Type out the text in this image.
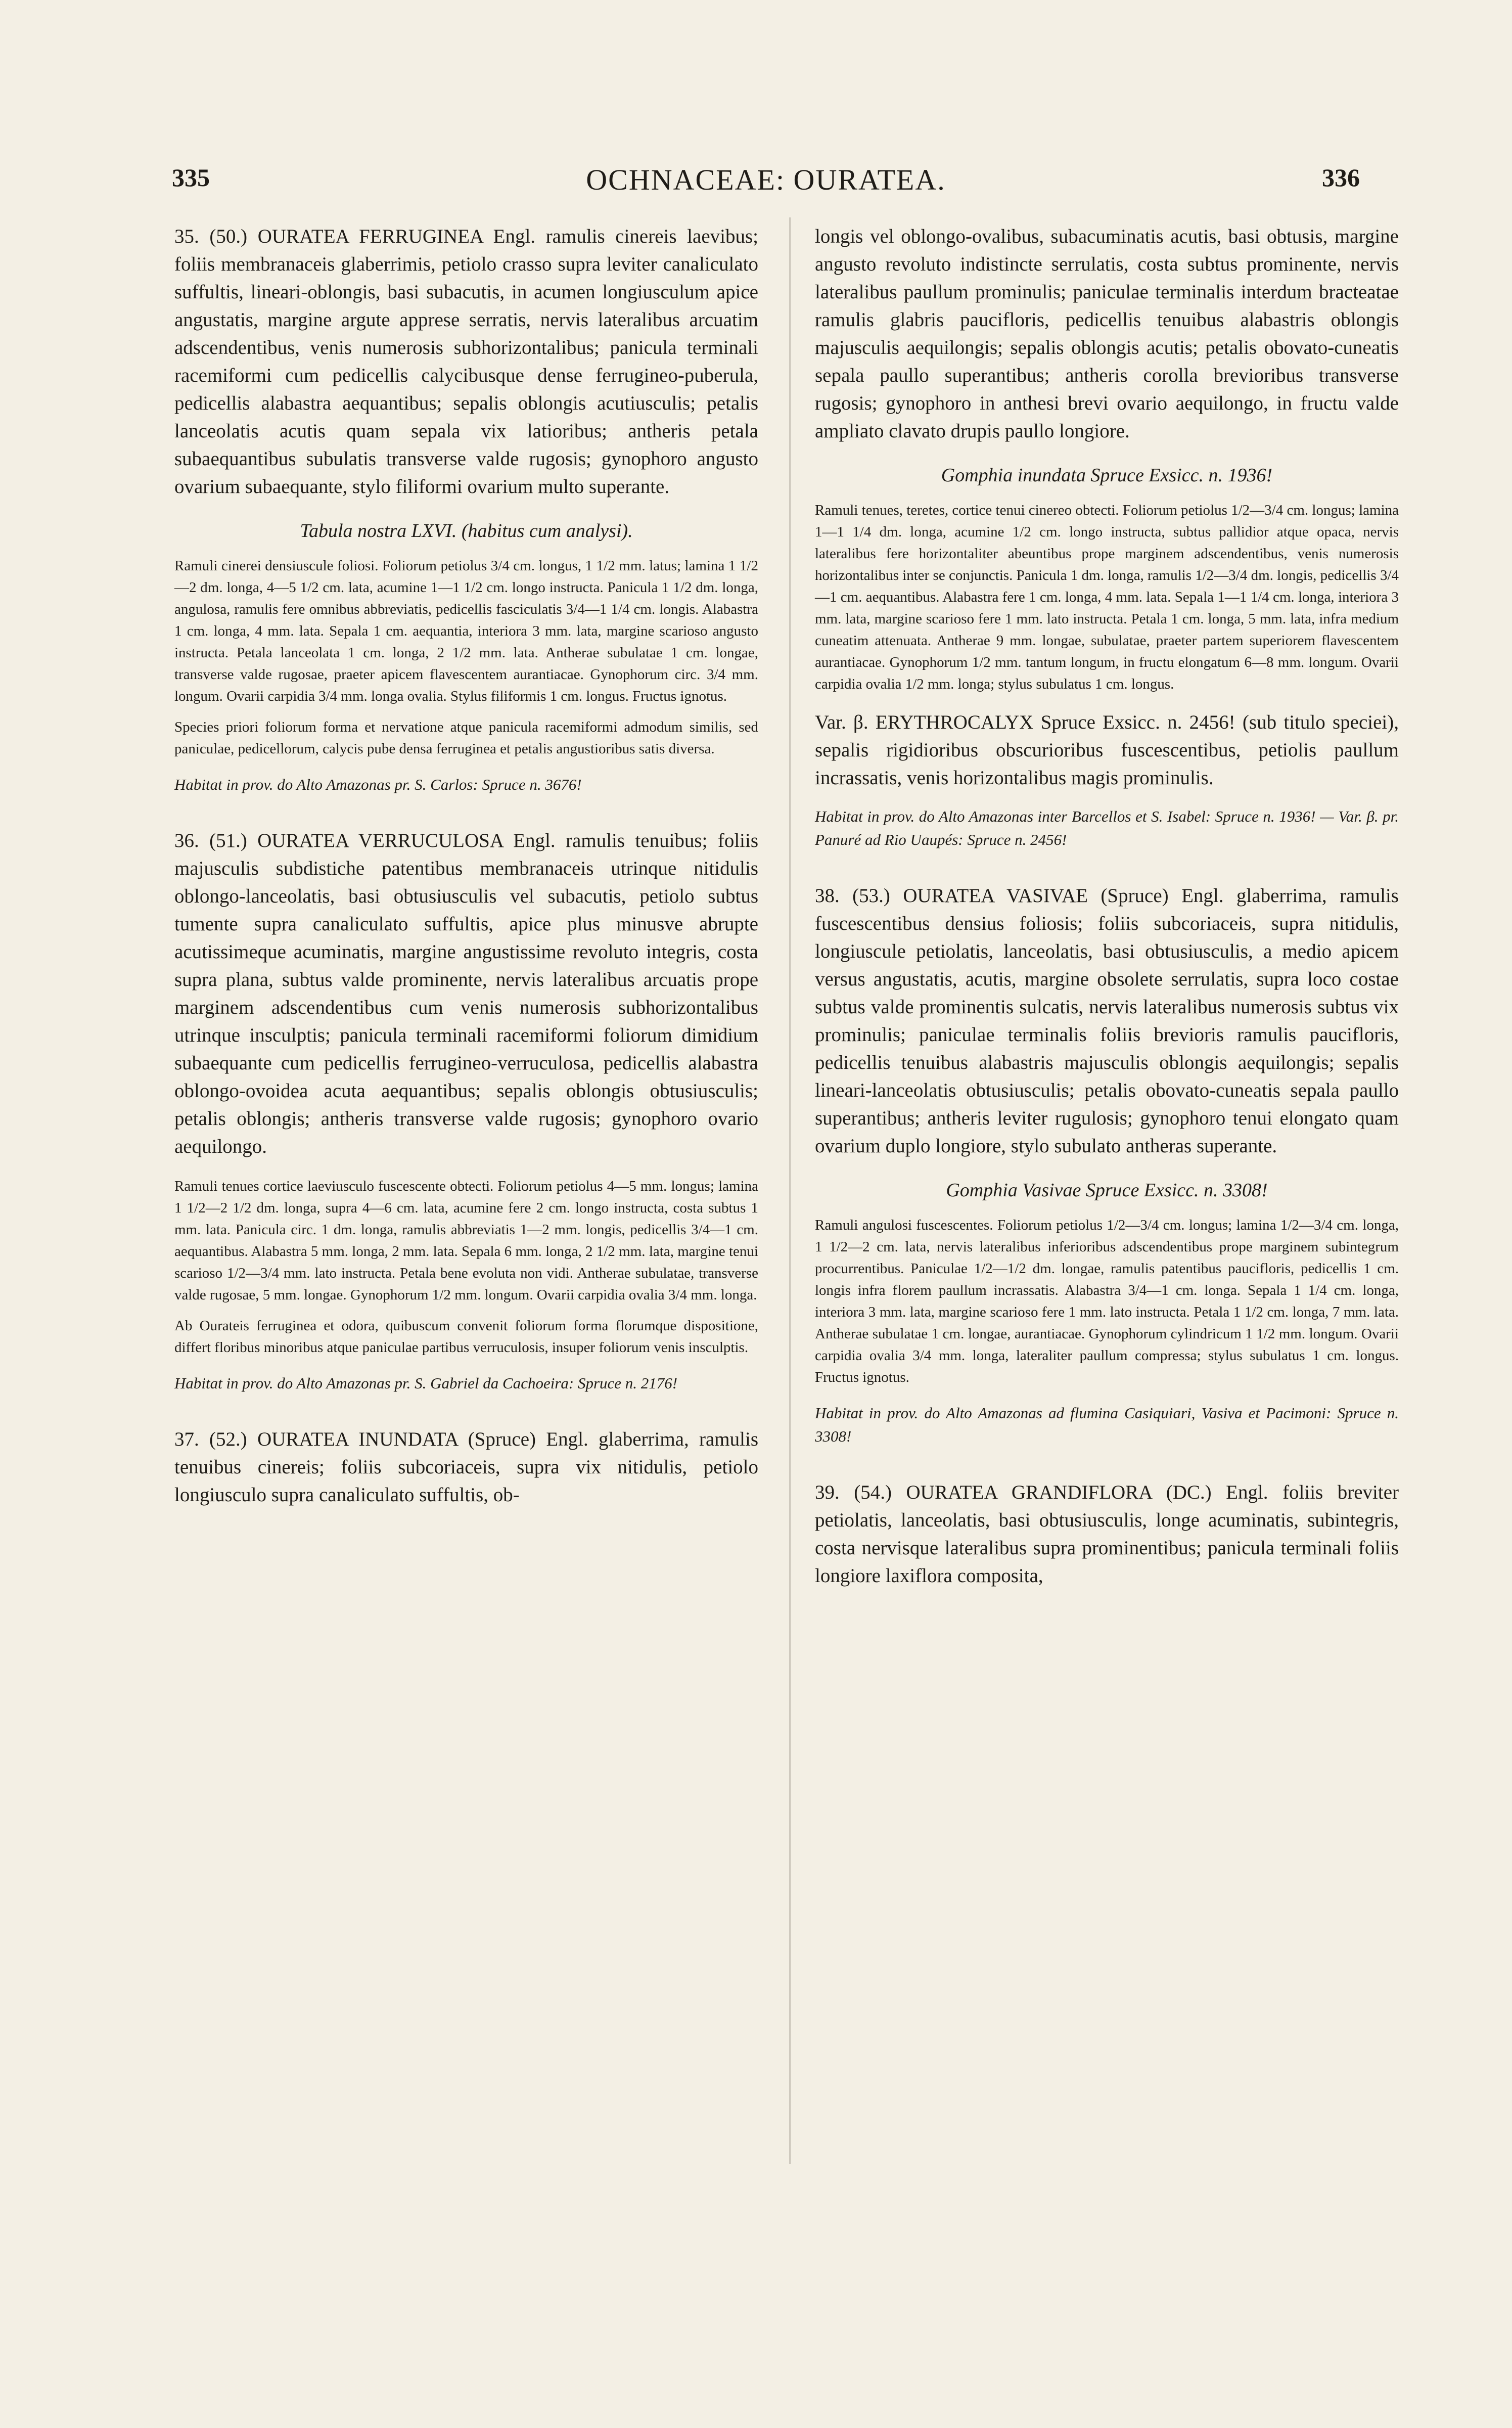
335	OCHNACEAE: OURATEA.	336

35. (50.) OURATEA FERRUGINEA Engl. ramulis cinereis laevibus; foliis membranaceis glaberrimis, petiolo crasso supra leviter canaliculato suffultis, lineari-oblongis, basi subacutis, in acumen longiusculum apice angustatis, margine argute apprese serratis, nervis lateralibus arcuatim adscendentibus, venis numerosis subhorizontalibus; panicula terminali racemiformi cum pedicellis calycibusque dense ferrugineo-puberula, pedicellis alabastra aequantibus; sepalis oblongis acutiusculis; petalis lanceolatis acutis quam sepala vix latioribus; antheris petala subaequantibus subulatis transverse valde rugosis; gynophoro angusto ovarium subaequante, stylo filiformi ovarium multo superante.

Tabula nostra LXVI. (habitus cum analysi).

Ramuli cinerei densiuscule foliosi. Foliorum petiolus 3/4 cm. longus, 1 1/2 mm. latus; lamina 1 1/2—2 dm. longa, 4—5 1/2 cm. lata, acumine 1—1 1/2 cm. longo instructa. Panicula 1 1/2 dm. longa, angulosa, ramulis fere omnibus abbreviatis, pedicellis fasciculatis 3/4—1 1/4 cm. longis. Alabastra 1 cm. longa, 4 mm. lata. Sepala 1 cm. aequantia, interiora 3 mm. lata, margine scarioso angusto instructa. Petala lanceolata 1 cm. longa, 2 1/2 mm. lata. Antherae subulatae 1 cm. longae, transverse valde rugosae, praeter apicem flavescentem aurantiacae. Gynophorum circ. 3/4 mm. longum. Ovarii carpidia 3/4 mm. longa ovalia. Stylus filiformis 1 cm. longus. Fructus ignotus.

Species priori foliorum forma et nervatione atque panicula racemiformi admodum similis, sed paniculae, pedicellorum, calycis pube densa ferruginea et petalis angustioribus satis diversa.

Habitat in prov. do Alto Amazonas pr. S. Carlos: Spruce n. 3676!

36. (51.) OURATEA VERRUCULOSA Engl. ramulis tenuibus; foliis majusculis subdistiche patentibus membranaceis utrinque nitidulis oblongo-lanceolatis, basi obtusiusculis vel subacutis, petiolo subtus tumente supra canaliculato suffultis, apice plus minusve abrupte acutissimeque acuminatis, margine angustissime revoluto integris, costa supra plana, subtus valde prominente, nervis lateralibus arcuatis prope marginem adscendentibus cum venis numerosis subhorizontalibus utrinque insculptis; panicula terminali racemiformi foliorum dimidium subaequante cum pedicellis ferrugineo-verruculosa, pedicellis alabastra oblongo-ovoidea acuta aequantibus; sepalis oblongis obtusiusculis; petalis oblongis; antheris transverse valde rugosis; gynophoro ovario aequilongo.

Ramuli tenues cortice laeviusculo fuscescente obtecti. Foliorum petiolus 4—5 mm. longus; lamina 1 1/2—2 1/2 dm. longa, supra 4—6 cm. lata, acumine fere 2 cm. longo instructa, costa subtus 1 mm. lata. Panicula circ. 1 dm. longa, ramulis abbreviatis 1—2 mm. longis, pedicellis 3/4—1 cm. aequantibus. Alabastra 5 mm. longa, 2 mm. lata. Sepala 6 mm. longa, 2 1/2 mm. lata, margine tenui scarioso 1/2—3/4 mm. lato instructa. Petala bene evoluta non vidi. Antherae subulatae, transverse valde rugosae, 5 mm. longae. Gynophorum 1/2 mm. longum. Ovarii carpidia ovalia 3/4 mm. longa.

Ab Ourateis ferruginea et odora, quibuscum convenit foliorum forma florumque dispositione, differt floribus minoribus atque paniculae partibus verruculosis, insuper foliorum venis insculptis.

Habitat in prov. do Alto Amazonas pr. S. Gabriel da Cachoeira: Spruce n. 2176!

37. (52.) OURATEA INUNDATA (Spruce) Engl. glaberrima, ramulis tenuibus cinereis; foliis subcoriaceis, supra vix nitidulis, petiolo longiusculo supra canaliculato suffultis, ob-

longis vel oblongo-ovalibus, subacuminatis acutis, basi obtusis, margine angusto revoluto indistincte serrulatis, costa subtus prominente, nervis lateralibus paullum prominulis; paniculae terminalis interdum bracteatae ramulis glabris paucifloris, pedicellis tenuibus alabastris oblongis majusculis aequilongis; sepalis oblongis acutis; petalis obovato-cuneatis sepala paullo superantibus; antheris corolla brevioribus transverse rugosis; gynophoro in anthesi brevi ovario aequilongo, in fructu valde ampliato clavato drupis paullo longiore.

Gomphia inundata Spruce Exsicc. n. 1936!

Ramuli tenues, teretes, cortice tenui cinereo obtecti. Foliorum petiolus 1/2—3/4 cm. longus; lamina 1—1 1/4 dm. longa, acumine 1/2 cm. longo instructa, subtus pallidior atque opaca, nervis lateralibus fere horizontaliter abeuntibus prope marginem adscendentibus, venis numerosis horizontalibus inter se conjunctis. Panicula 1 dm. longa, ramulis 1/2—3/4 dm. longis, pedicellis 3/4—1 cm. aequantibus. Alabastra fere 1 cm. longa, 4 mm. lata. Sepala 1—1 1/4 cm. longa, interiora 3 mm. lata, margine scarioso fere 1 mm. lato instructa. Petala 1 cm. longa, 5 mm. lata, infra medium cuneatim attenuata. Antherae 9 mm. longae, subulatae, praeter partem superiorem flavescentem aurantiacae. Gynophorum 1/2 mm. tantum longum, in fructu elongatum 6—8 mm. longum. Ovarii carpidia ovalia 1/2 mm. longa; stylus subulatus 1 cm. longus.

Var. β. ERYTHROCALYX Spruce Exsicc. n. 2456! (sub titulo speciei), sepalis rigidioribus obscurioribus fuscescentibus, petiolis paullum incrassatis, venis horizontalibus magis prominulis.

Habitat in prov. do Alto Amazonas inter Barcellos et S. Isabel: Spruce n. 1936! — Var. β. pr. Panuré ad Rio Uaupés: Spruce n. 2456!

38. (53.) OURATEA VASIVAE (Spruce) Engl. glaberrima, ramulis fuscescentibus densius foliosis; foliis subcoriaceis, supra nitidulis, longiuscule petiolatis, lanceolatis, basi obtusiusculis, a medio apicem versus angustatis, acutis, margine obsolete serrulatis, supra loco costae subtus valde prominentis sulcatis, nervis lateralibus numerosis subtus vix prominulis; paniculae terminalis foliis brevioris ramulis paucifloris, pedicellis tenuibus alabastris majusculis oblongis aequilongis; sepalis lineari-lanceolatis obtusiusculis; petalis obovato-cuneatis sepala paullo superantibus; antheris leviter rugulosis; gynophoro tenui elongato quam ovarium duplo longiore, stylo subulato antheras superante.

Gomphia Vasivae Spruce Exsicc. n. 3308!

Ramuli angulosi fuscescentes. Foliorum petiolus 1/2—3/4 cm. longus; lamina 1/2—3/4 cm. longa, 1 1/2—2 cm. lata, nervis lateralibus inferioribus adscendentibus prope marginem subintegrum procurrentibus. Paniculae 1/2—1/2 dm. longae, ramulis patentibus paucifloris, pedicellis 1 cm. longis infra florem paullum incrassatis. Alabastra 3/4—1 cm. longa. Sepala 1 1/4 cm. longa, interiora 3 mm. lata, margine scarioso fere 1 mm. lato instructa. Petala 1 1/2 cm. longa, 7 mm. lata. Antherae subulatae 1 cm. longae, aurantiacae. Gynophorum cylindricum 1 1/2 mm. longum. Ovarii carpidia ovalia 3/4 mm. longa, lateraliter paullum compressa; stylus subulatus 1 cm. longus. Fructus ignotus.

Habitat in prov. do Alto Amazonas ad flumina Casiquiari, Vasiva et Pacimoni: Spruce n. 3308!

39. (54.) OURATEA GRANDIFLORA (DC.) Engl. foliis breviter petiolatis, lanceolatis, basi obtusiusculis, longe acuminatis, subintegris, costa nervisque lateralibus supra prominentibus; panicula terminali foliis longiore laxiflora composita,
